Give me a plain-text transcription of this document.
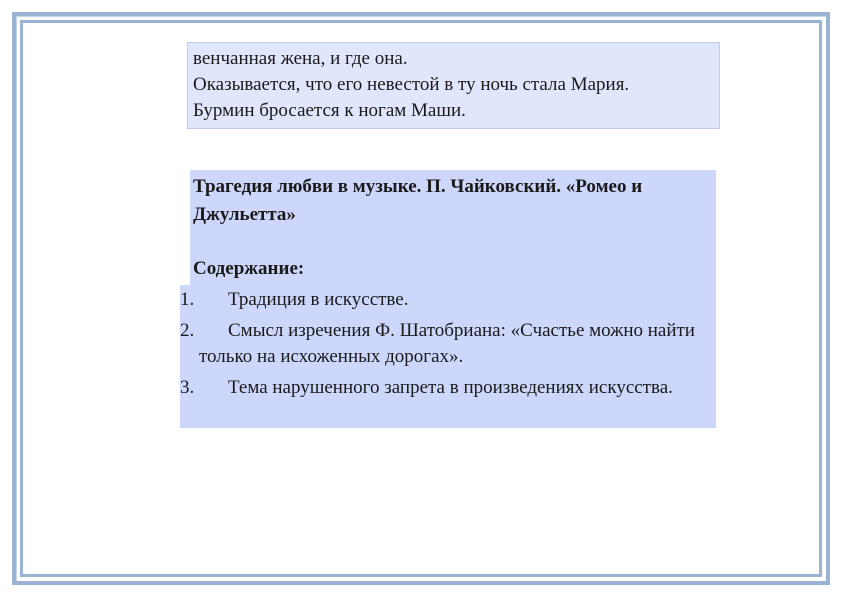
венчанная жена, и где она.

Оказывается, что его невестой в ту ночь стала Мария.

Бурмин бросается к ногам Маши.

Трагедия любви в музыке. П. Чайковский. «Ромео и Джульетта»

Содержание:

1.	Традиция в искусстве.
2.	Смысл изречения Ф. Шатобриана: «Счастье можно найти только на исхоженных дорогах».
3.	Тема нарушенного запрета в произведениях искусства.
